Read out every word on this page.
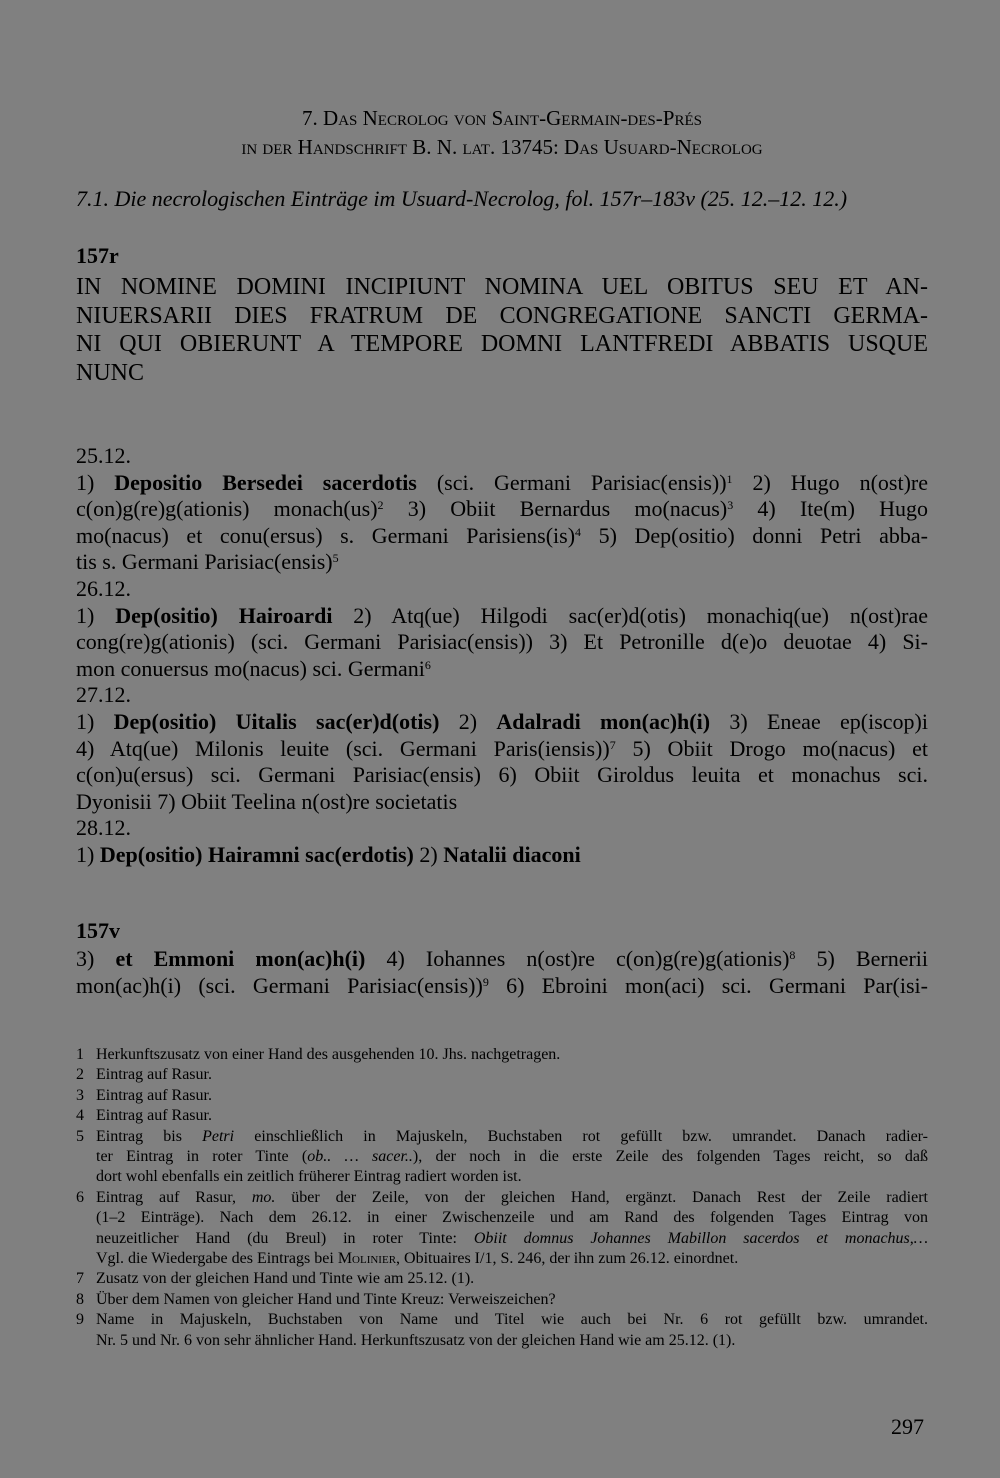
7. Das Necrolog von Saint-Germain-des-Prés
in der Handschrift B. N. lat. 13745: Das Usuard-Necrolog
7.1. Die necrologischen Einträge im Usuard-Necrolog, fol. 157r–183v (25. 12.–12. 12.)
157r
IN NOMINE DOMINI INCIPIUNT NOMINA UEL OBITUS SEU ET AN-
NIUERSARII DIES FRATRUM DE CONGREGATIONE SANCTI GERMA-
NI QUI OBIERUNT A TEMPORE DOMNI LANTFREDI ABBATIS USQUE
NUNC
25.12.
1) Depositio Bersedei sacerdotis (sci. Germani Parisiac(ensis))$^1$ 2) Hugo n(ost)re
c(on)g(re)g(ationis) monach(us)$^2$ 3) Obiit Bernardus mo(nacus)$^3$ 4) Ite(m) Hugo
mo(nacus) et conu(ersus) s. Germani Parisiens(is)$^4$ 5) Dep(ositio) donni Petri abba-
tis s. Germani Parisiac(ensis)$^5$
26.12.
1) Dep(ositio) Hairoardi 2) Atq(ue) Hilgodi sac(er)d(otis) monachiq(ue) n(ost)rae
cong(re)g(ationis) (sci. Germani Parisiac(ensis)) 3) Et Petronille d(e)o deuotae 4) Si-
mon conuersus mo(nacus) sci. Germani$^6$
27.12.
1) Dep(ositio) Uitalis sac(er)d(otis) 2) Adalradi mon(ac)h(i) 3) Eneae ep(iscop)i
4) Atq(ue) Milonis leuite (sci. Germani Paris(iensis))$^7$ 5) Obiit Drogo mo(nacus) et
c(on)u(ersus) sci. Germani Parisiac(ensis) 6) Obiit Giroldus leuita et monachus sci.
Dyonisii 7) Obiit Teelina n(ost)re societatis
28.12.
1) Dep(ositio) Hairamni sac(erdotis) 2) Natalii diaconi
157v
3) et Emmoni mon(ac)h(i) 4) Iohannes n(ost)re c(on)g(re)g(ationis)$^8$ 5) Bernerii
mon(ac)h(i) (sci. Germani Parisiac(ensis))$^9$ 6) Ebroini mon(aci) sci. Germani Par(isi-
1 Herkunftszusatz von einer Hand des ausgehenden 10. Jhs. nachgetragen.
2 Eintrag auf Rasur.
3 Eintrag auf Rasur.
4 Eintrag auf Rasur.
5 Eintrag bis Petri einschließlich in Majuskeln, Buchstaben rot gefüllt bzw. umrandet. Danach radier-
ter Eintrag in roter Tinte (ob.. … sacer..), der noch in die erste Zeile des folgenden Tages reicht, so daß
dort wohl ebenfalls ein zeitlich früherer Eintrag radiert worden ist.
6 Eintrag auf Rasur, mo. über der Zeile, von der gleichen Hand, ergänzt. Danach Rest der Zeile radiert
(1–2 Einträge). Nach dem 26.12. in einer Zwischenzeile und am Rand des folgenden Tages Eintrag von
neuzeitlicher Hand (du Breul) in roter Tinte: Obiit domnus Johannes Mabillon sacerdos et monachus,…
Vgl. die Wiedergabe des Eintrags bei Molinier, Obituaires I/1, S. 246, der ihn zum 26.12. einordnet.
7 Zusatz von der gleichen Hand und Tinte wie am 25.12. (1).
8 Über dem Namen von gleicher Hand und Tinte Kreuz: Verweiszeichen?
9 Name in Majuskeln, Buchstaben von Name und Titel wie auch bei Nr. 6 rot gefüllt bzw. umrandet.
Nr. 5 und Nr. 6 von sehr ähnlicher Hand. Herkunftszusatz von der gleichen Hand wie am 25.12. (1).
297
